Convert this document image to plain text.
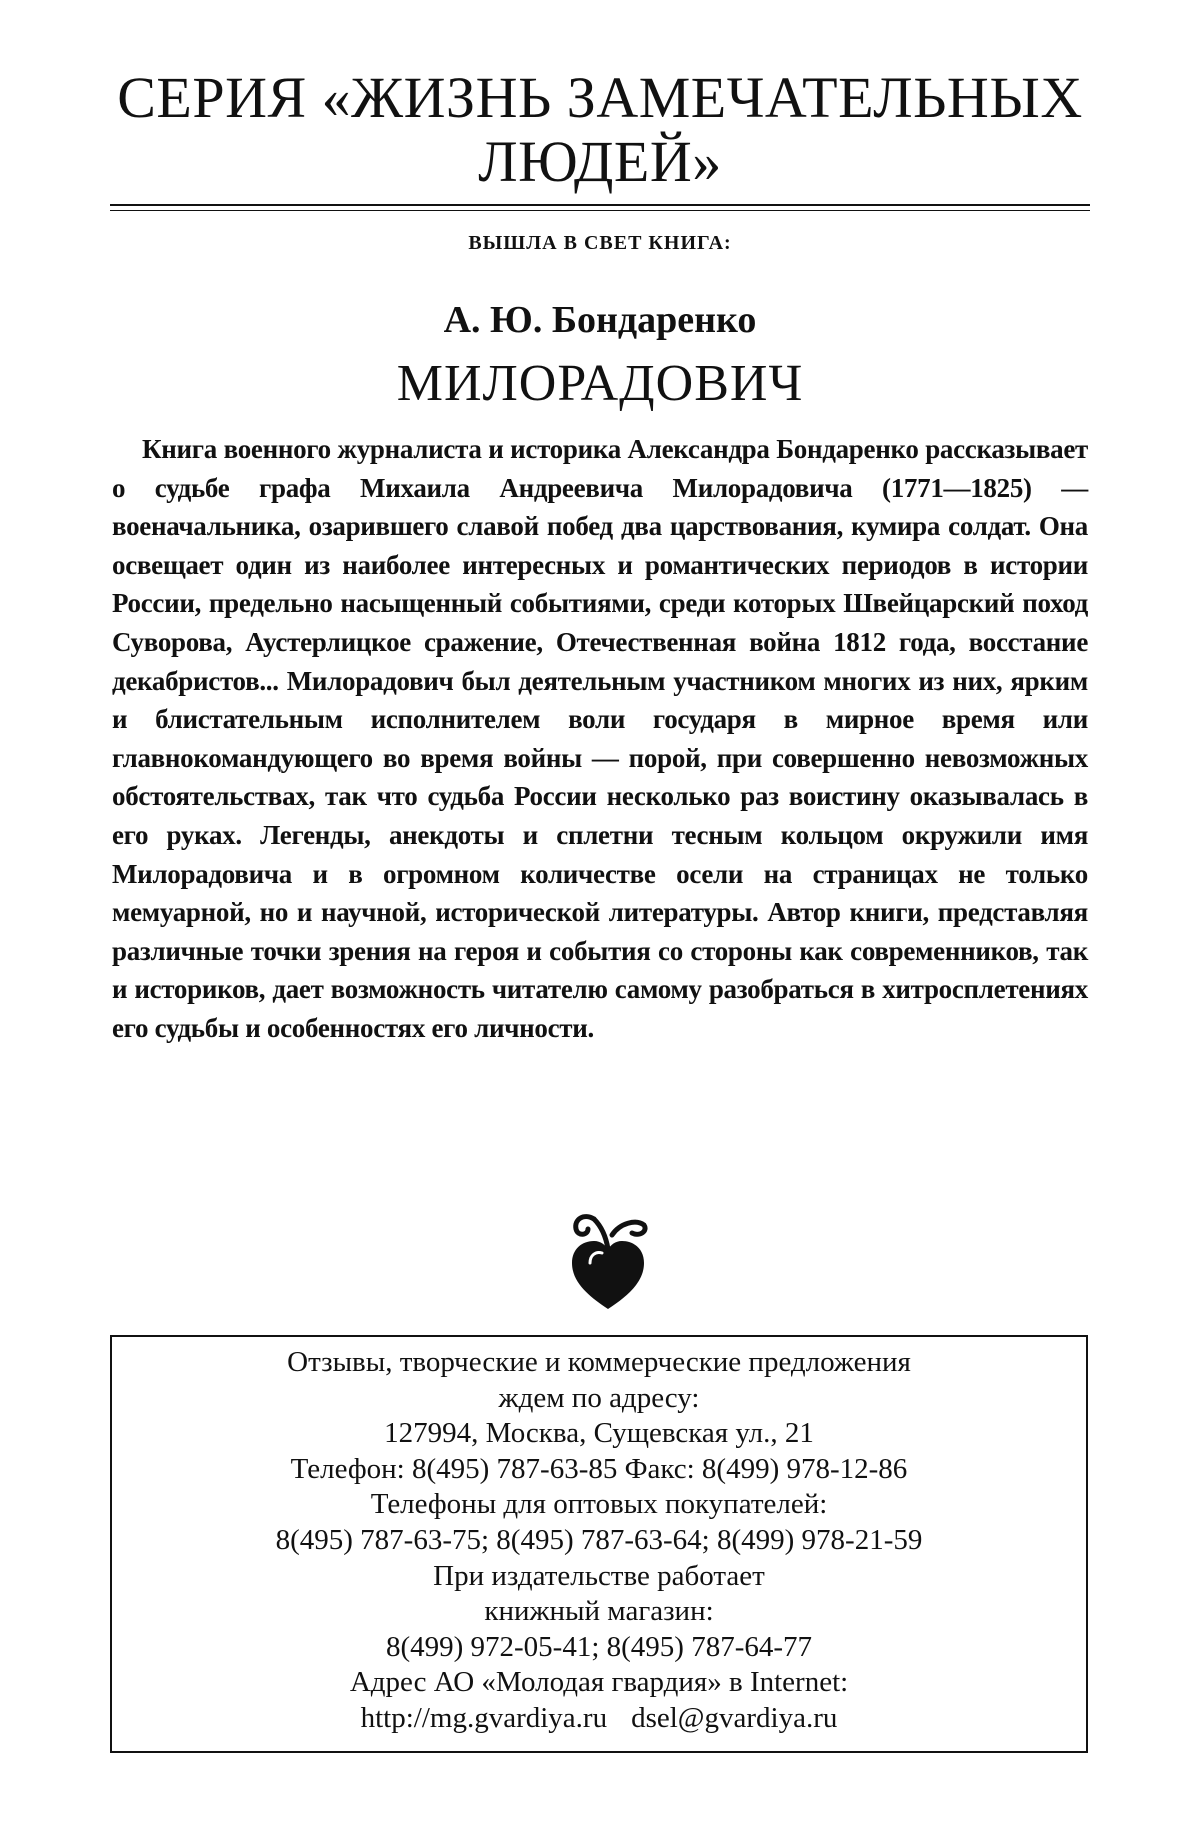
СЕРИЯ «ЖИЗНЬ ЗАМЕЧАТЕЛЬНЫХ
ЛЮДЕЙ»
ВЫШЛА В СВЕТ КНИГА:
А. Ю. Бондаренко
МИЛОРАДОВИЧ
Книга военного журналиста и историка Александра Бондаренко рассказывает о судьбе графа Михаила Андреевича Милорадовича (1771—1825) — военачальника, озарившего славой побед два царствования, кумира солдат. Она освещает один из наиболее интересных и романтических периодов в истории России, предельно насыщенный событиями, среди которых Швейцарский поход Суворова, Аустерлицкое сражение, Отечественная война 1812 года, восстание декабристов... Милорадович был деятельным участником многих из них, ярким и блистательным исполнителем воли государя в мирное время или главнокомандующего во время войны — порой, при совершенно невозможных обстоятельствах, так что судьба России несколько раз воистину оказывалась в его руках. Легенды, анекдоты и сплетни тесным кольцом окружили имя Милорадовича и в огромном количестве осели на страницах не только мемуарной, но и научной, исторической литературы. Автор книги, представляя различные точки зрения на героя и события со стороны как современников, так и историков, дает возможность читателю самому разобраться в хитросплетениях его судьбы и особенностях его личности.
Отзывы, творческие и коммерческие предложения
ждем по адресу:
127994, Москва, Сущевская ул., 21
Телефон: 8(495) 787-63-85 Факс: 8(499) 978-12-86
Телефоны для оптовых покупателей:
8(495) 787-63-75; 8(495) 787-63-64; 8(499) 978-21-59
При издательстве работает
книжный магазин:
8(499) 972-05-41; 8(495) 787-64-77
Адрес АО «Молодая гвардия» в Internet:
http://mg.gvardiya.ru dsel@gvardiya.ru
